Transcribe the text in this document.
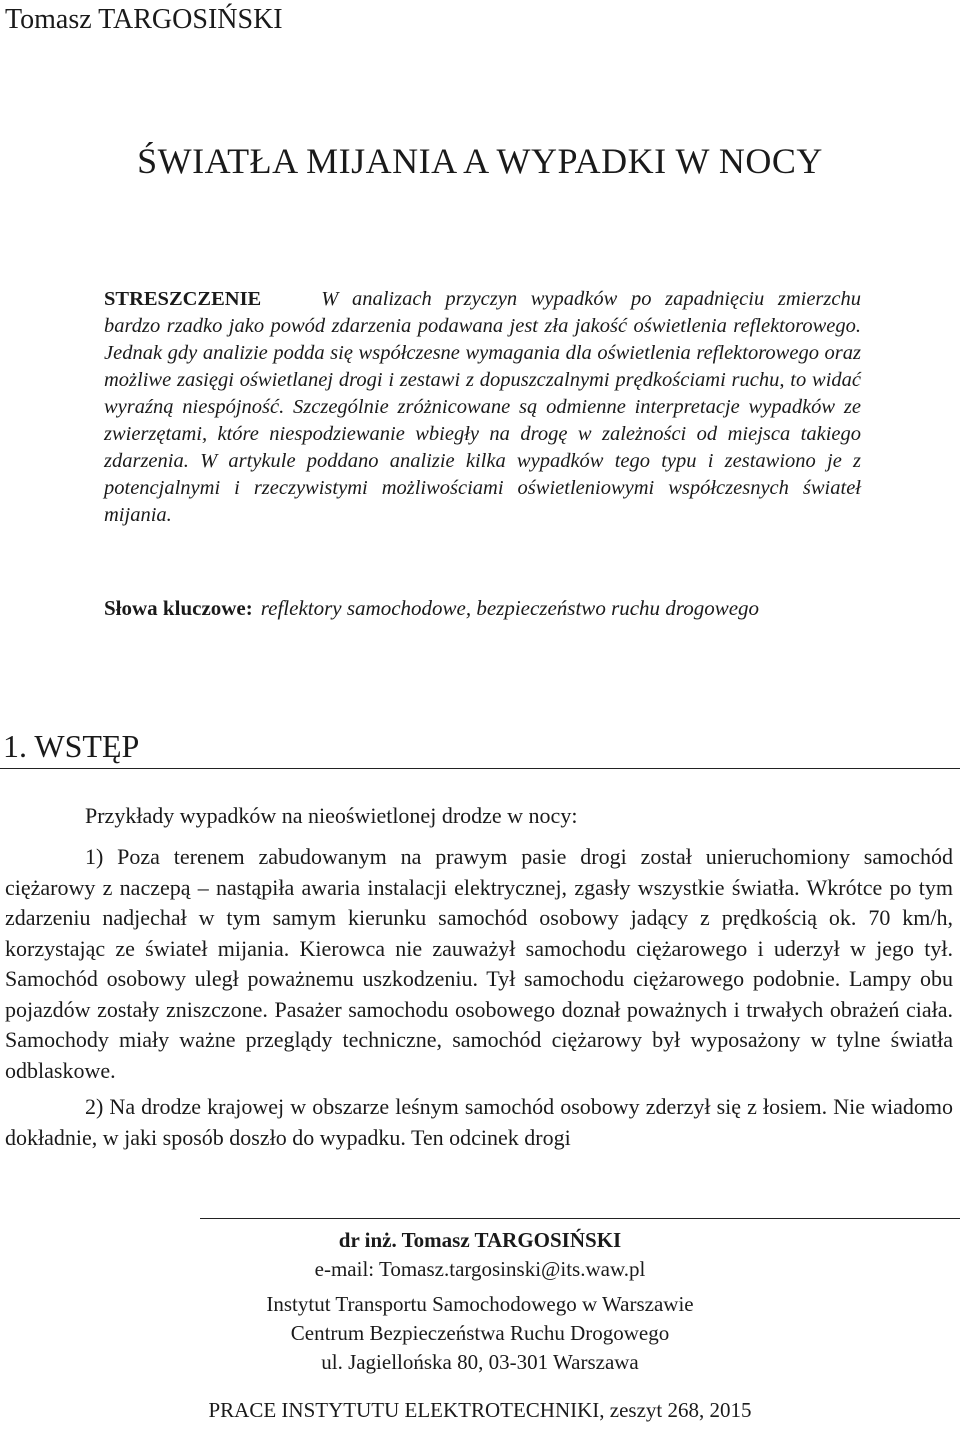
Tomasz TARGOSIŃSKI
ŚWIATŁA MIJANIA A WYPADKI W NOCY
STRESZCZENIE	W analizach przyczyn wypadków po zapadnięciu zmierzchu bardzo rzadko jako powód zdarzenia podawana jest zła jakość oświetlenia reflektorowego. Jednak gdy analizie podda się współczesne wymagania dla oświetlenia reflektorowego oraz możliwe zasięgi oświetlanej drogi i zestawi z dopuszczalnymi prędkościami ruchu, to widać wyraźną niespójność. Szczególnie zróżnicowane są odmienne interpretacje wypadków ze zwierzętami, które niespodziewanie wbiegły na drogę w zależności od miejsca takiego zdarzenia. W artykule poddano analizie kilka wypadków tego typu i zestawiono je z potencjalnymi i rzeczywistymi możliwościami oświetleniowymi współczesnych świateł mijania.
Słowa kluczowe: reflektory samochodowe, bezpieczeństwo ruchu drogowego
1. WSTĘP
Przykłady wypadków na nieoświetlonej drodze w nocy:

1) Poza terenem zabudowanym na prawym pasie drogi został unieruchomiony samochód ciężarowy z naczepą – nastąpiła awaria instalacji elektrycznej, zgasły wszystkie światła. Wkrótce po tym zdarzeniu nadjechał w tym samym kierunku samochód osobowy jadący z prędkością ok. 70 km/h, korzystając ze świateł mijania. Kierowca nie zauważył samochodu ciężarowego i uderzył w jego tył. Samochód osobowy uległ poważnemu uszkodzeniu. Tył samochodu ciężarowego podobnie. Lampy obu pojazdów zostały zniszczone. Pasażer samochodu osobowego doznał poważnych i trwałych obrażeń ciała. Samochody miały ważne przeglądy techniczne, samochód ciężarowy był wyposażony w tylne światła odblaskowe.

2) Na drodze krajowej w obszarze leśnym samochód osobowy zderzył się z łosiem. Nie wiadomo dokładnie, w jaki sposób doszło do wypadku. Ten odcinek drogi

dr inż. Tomasz TARGOSIŃSKI
e-mail: Tomasz.targosinski@its.waw.pl
Instytut Transportu Samochodowego w Warszawie
Centrum Bezpieczeństwa Ruchu Drogowego
ul. Jagiellońska 80, 03-301 Warszawa
PRACE INSTYTUTU ELEKTROTECHNIKI, zeszyt 268, 2015
